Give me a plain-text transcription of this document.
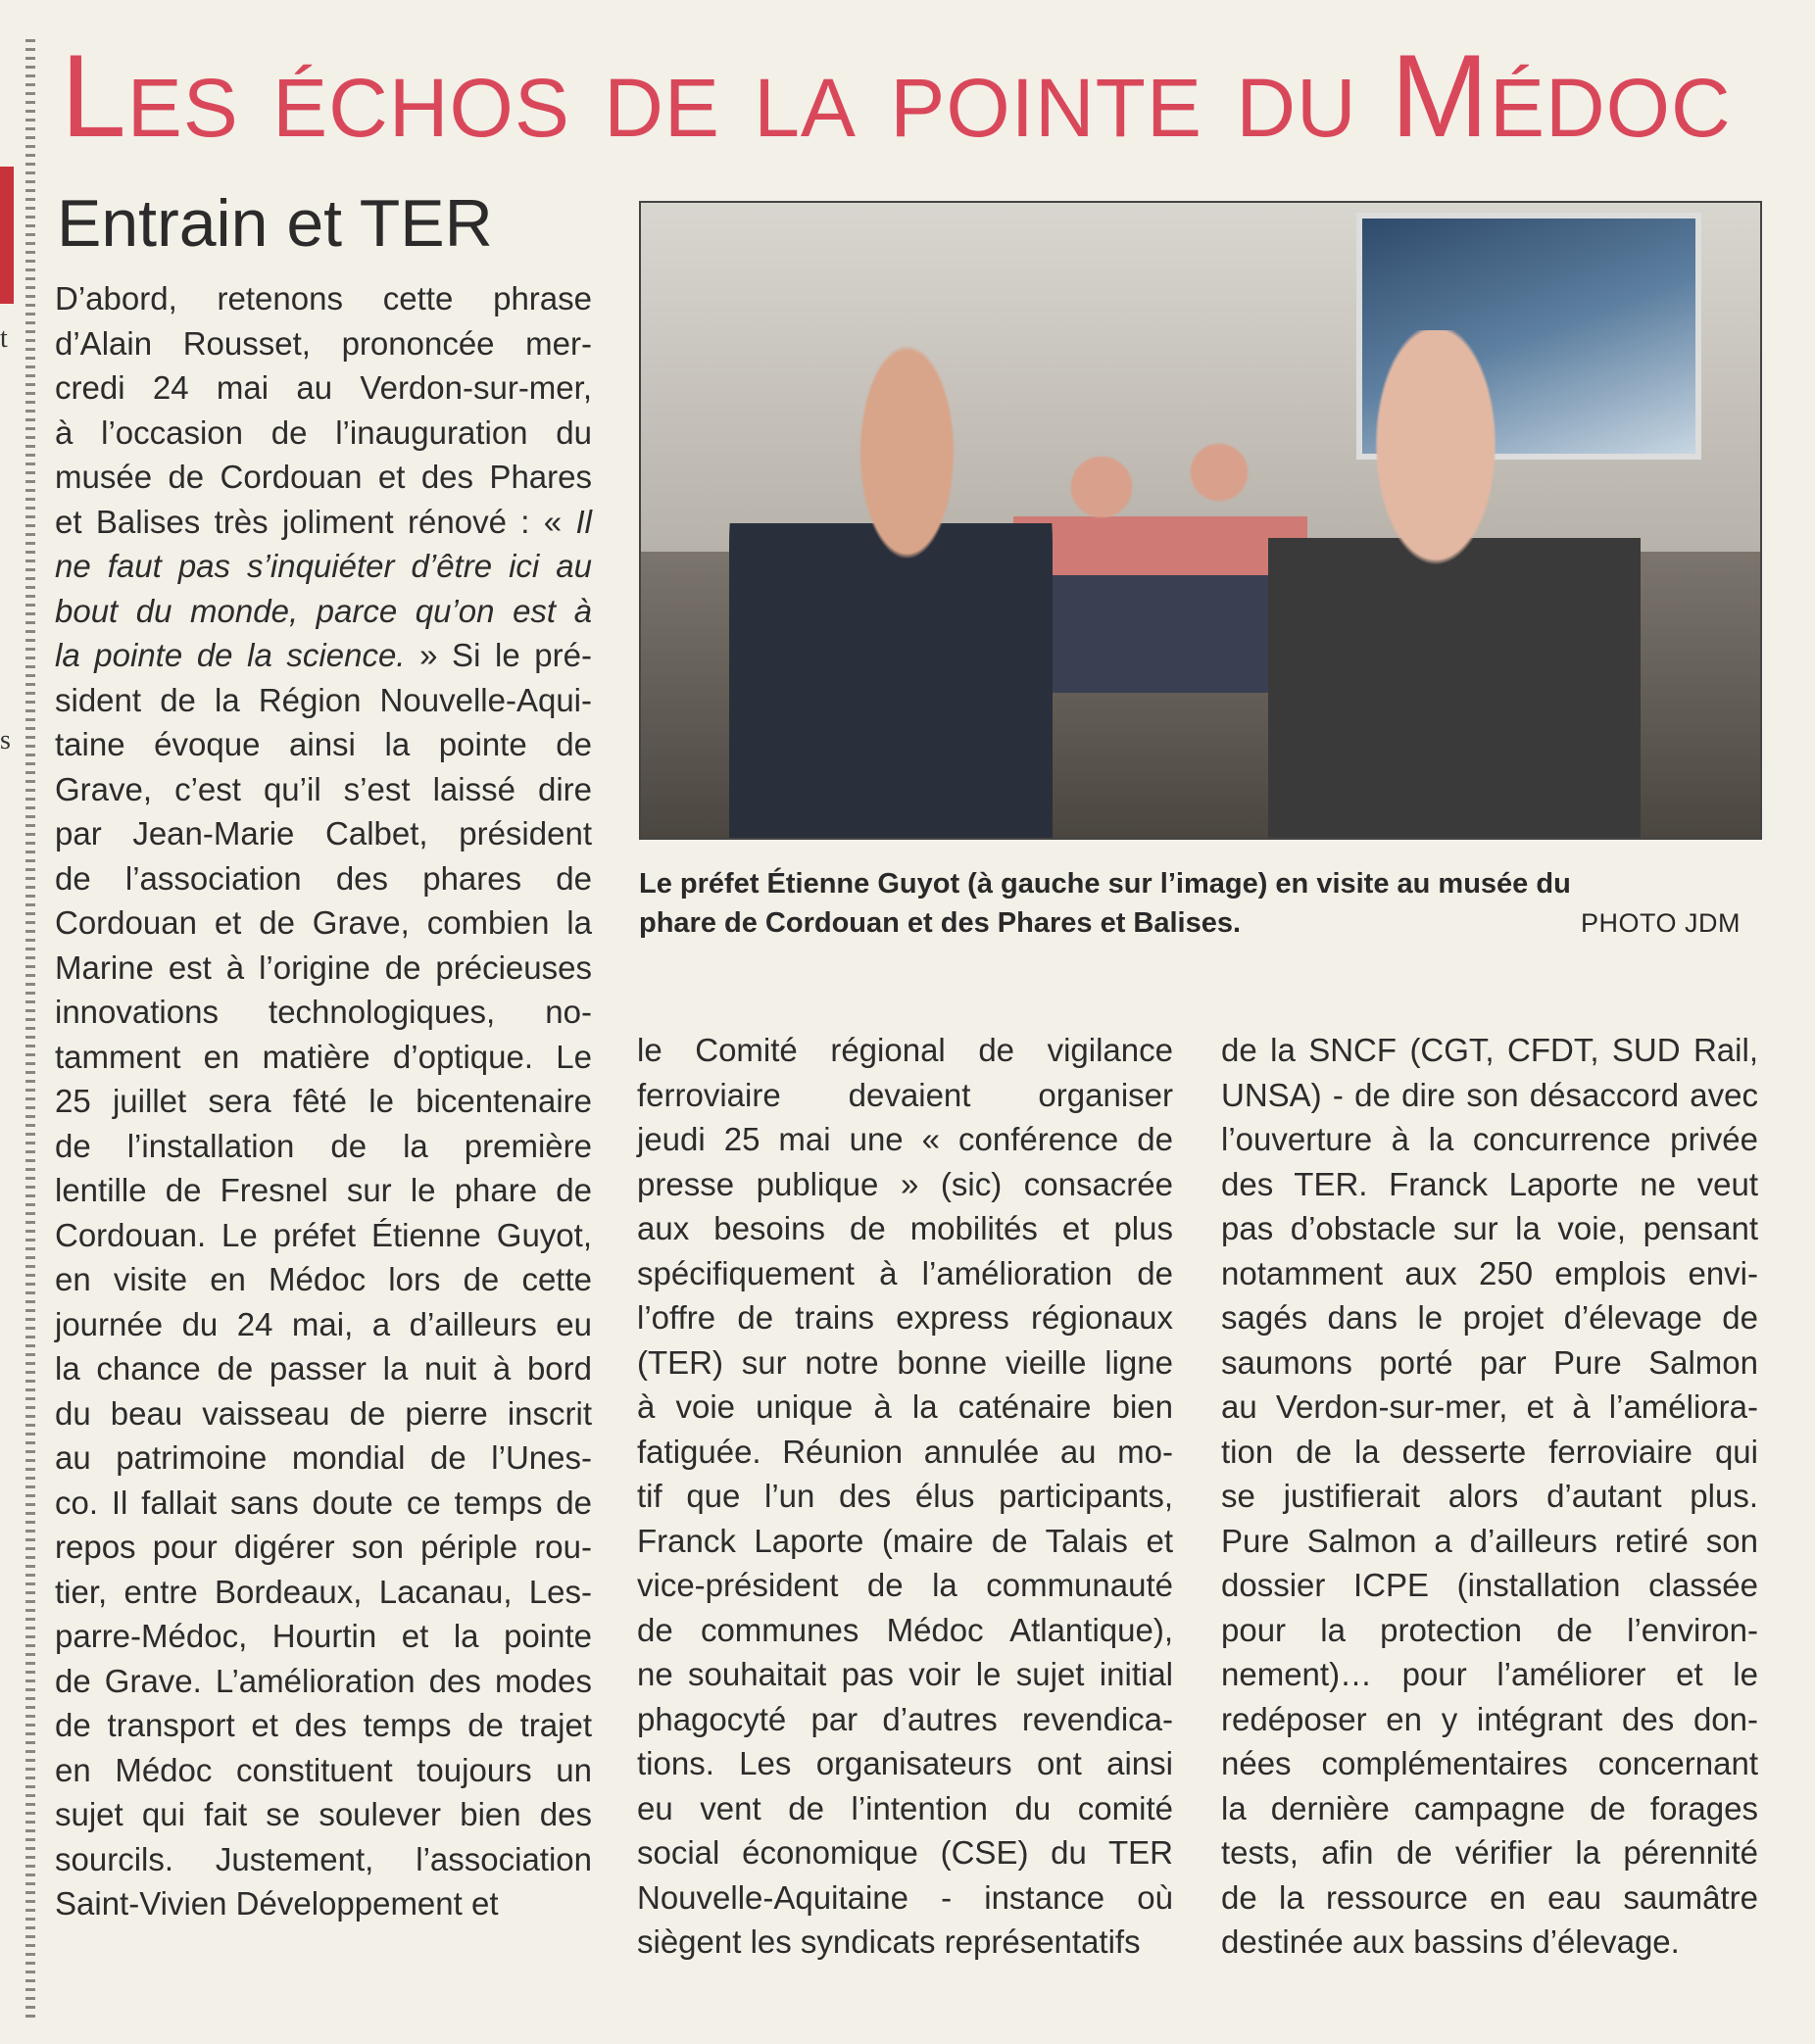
t
s
Les échos de la pointe du Médoc
Entrain et TER
Le préfet Étienne Guyot (à gauche sur l’image) en visite au musée du
phare de Cordouan et des Phares et Balises.	PHOTO JDM
D’abord, retenons cette phrase
d’Alain Rousset, prononcée mer-
credi 24 mai au Verdon-sur-mer,
à l’occasion de l’inauguration du
musée de Cordouan et des Phares
et Balises très joliment rénové : « Il
ne faut pas s’inquiéter d’être ici au
bout du monde, parce qu’on est à
la pointe de la science. » Si le pré-
sident de la Région Nouvelle-Aqui-
taine évoque ainsi la pointe de
Grave, c’est qu’il s’est laissé dire
par Jean-Marie Calbet, président
de l’association des phares de
Cordouan et de Grave, combien la
Marine est à l’origine de précieuses
innovations technologiques, no-
tamment en matière d’optique. Le
25 juillet sera fêté le bicentenaire
de l’installation de la première
lentille de Fresnel sur le phare de
Cordouan. Le préfet Étienne Guyot,
en visite en Médoc lors de cette
journée du 24 mai, a d’ailleurs eu
la chance de passer la nuit à bord
du beau vaisseau de pierre inscrit
au patrimoine mondial de l’Unes-
co. Il fallait sans doute ce temps de
repos pour digérer son périple rou-
tier, entre Bordeaux, Lacanau, Les-
parre-Médoc, Hourtin et la pointe
de Grave. L’amélioration des modes
de transport et des temps de trajet
en Médoc constituent toujours un
sujet qui fait se soulever bien des
sourcils. Justement, l’association
Saint-Vivien Développement et
le Comité régional de vigilance
ferroviaire devaient organiser
jeudi 25 mai une « conférence de
presse publique » (sic) consacrée
aux besoins de mobilités et plus
spécifiquement à l’amélioration de
l’offre de trains express régionaux
(TER) sur notre bonne vieille ligne
à voie unique à la caténaire bien
fatiguée. Réunion annulée au mo-
tif que l’un des élus participants,
Franck Laporte (maire de Talais et
vice-président de la communauté
de communes Médoc Atlantique),
ne souhaitait pas voir le sujet initial
phagocyté par d’autres revendica-
tions. Les organisateurs ont ainsi
eu vent de l’intention du comité
social économique (CSE) du TER
Nouvelle-Aquitaine - instance où
siègent les syndicats représentatifs
de la SNCF (CGT, CFDT, SUD Rail,
UNSA) - de dire son désaccord avec
l’ouverture à la concurrence privée
des TER. Franck Laporte ne veut
pas d’obstacle sur la voie, pensant
notamment aux 250 emplois envi-
sagés dans le projet d’élevage de
saumons porté par Pure Salmon
au Verdon-sur-mer, et à l’améliora-
tion de la desserte ferroviaire qui
se justifierait alors d’autant plus.
Pure Salmon a d’ailleurs retiré son
dossier ICPE (installation classée
pour la protection de l’environ-
nement)… pour l’améliorer et le
redéposer en y intégrant des don-
nées complémentaires concernant
la dernière campagne de forages
tests, afin de vérifier la pérennité
de la ressource en eau saumâtre
destinée aux bassins d’élevage.
